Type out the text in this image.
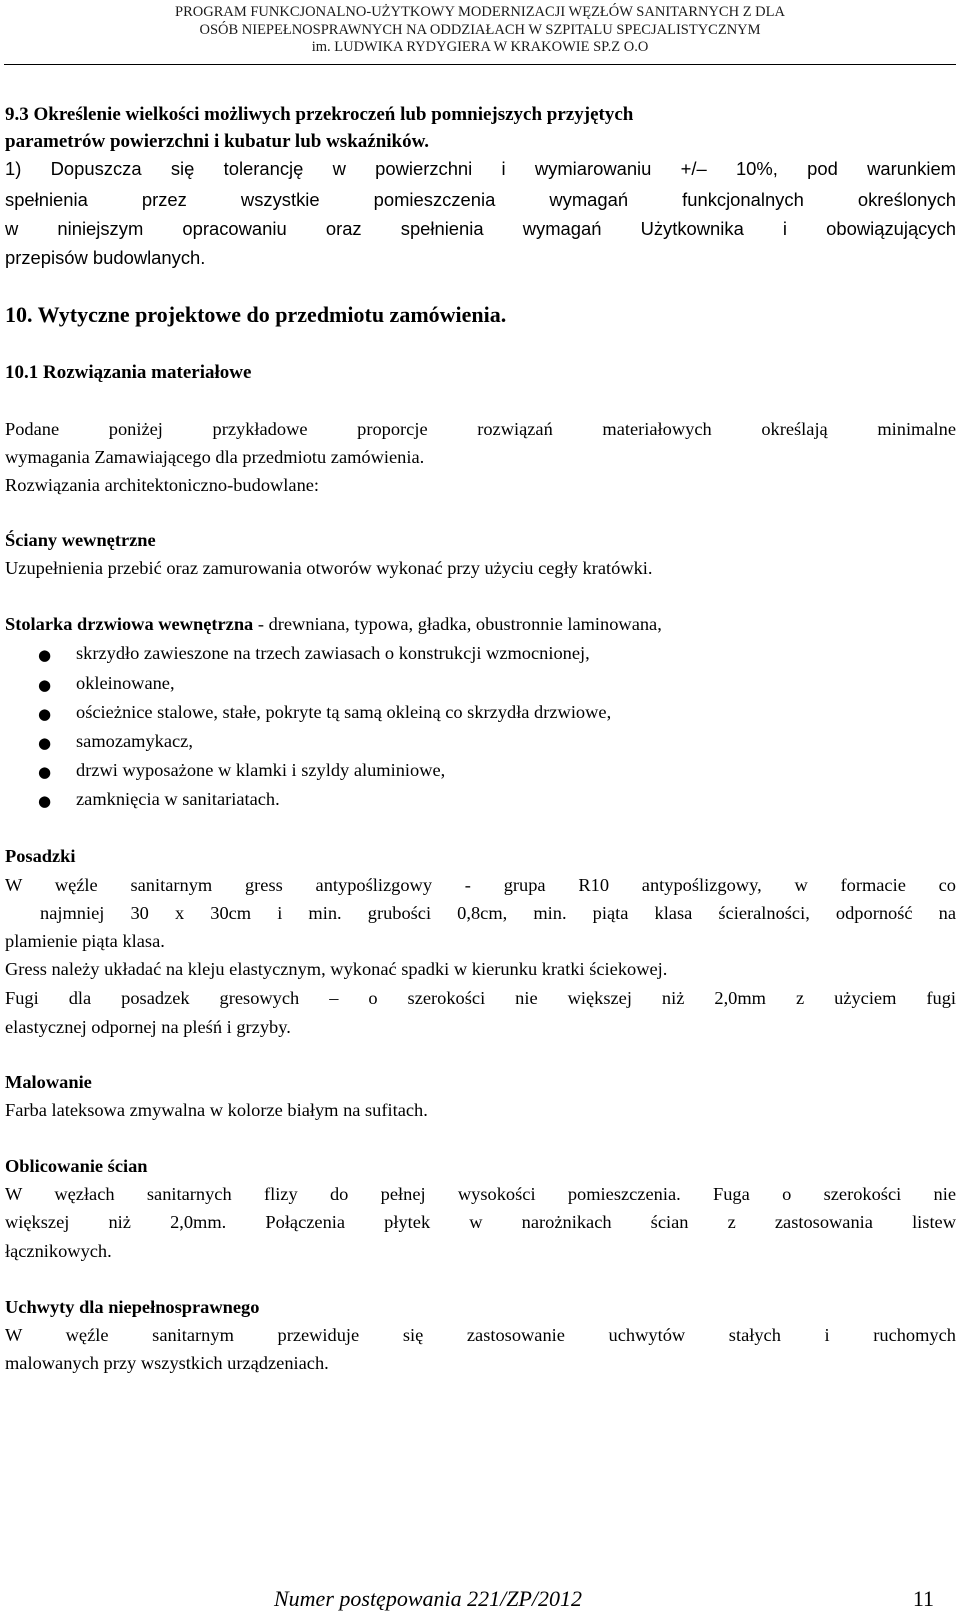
PROGRAM FUNKCJONALNO-UŻYTKOWY MODERNIZACJI WĘZŁÓW SANITARNYCH Z DLA
OSÓB NIEPEŁNOSPRAWNYCH NA ODDZIAŁACH W SZPITALU SPECJALISTYCZNYM
im. LUDWIKA RYDYGIERA W KRAKOWIE SP.Z O.O
9.3 Określenie wielkości możliwych przekroczeń lub pomniejszych przyjętych
parametrów powierzchni i kubatur lub wskaźników.
1) Dopuszcza się tolerancję w powierzchni i wymiarowaniu +/– 10%, pod warunkiem
spełnienia przez wszystkie pomieszczenia wymagań funkcjonalnych określonych
w niniejszym opracowaniu oraz spełnienia wymagań Użytkownika i obowiązujących
przepisów budowlanych.
10. Wytyczne projektowe do przedmiotu zamówienia.
10.1 Rozwiązania materiałowe
Podane poniżej przykładowe proporcje rozwiązań materiałowych określają minimalne
wymagania Zamawiającego dla przedmiotu zamówienia.
Rozwiązania architektoniczno-budowlane:
Ściany wewnętrzne
Uzupełnienia przebić oraz zamurowania otworów wykonać przy użyciu cegły kratówki.
Stolarka drzwiowa wewnętrzna - drewniana, typowa, gładka, obustronnie laminowana,
● skrzydło zawieszone na trzech zawiasach o konstrukcji wzmocnionej,
● okleinowane,
● ościeżnice stalowe, stałe, pokryte tą samą okleiną co skrzydła drzwiowe,
● samozamykacz,
● drzwi wyposażone w klamki i szyldy aluminiowe,
● zamknięcia w sanitariatach.
Posadzki
W węźle sanitarnym gress antypoślizgowy - grupa R10 antypoślizgowy, w formacie co
najmniej 30 x 30cm i min. grubości 0,8cm, min. piąta klasa ścieralności, odporność na
plamienie piąta klasa.
Gress należy układać na kleju elastycznym, wykonać spadki w kierunku kratki ściekowej.
Fugi dla posadzek gresowych – o szerokości nie większej niż 2,0mm z użyciem fugi
elastycznej odpornej na pleśń i grzyby.
Malowanie
Farba lateksowa zmywalna w kolorze białym na sufitach.
Oblicowanie ścian
W węzłach sanitarnych flizy do pełnej wysokości pomieszczenia. Fuga o szerokości nie
większej niż 2,0mm. Połączenia płytek w narożnikach ścian z zastosowania listew
łącznikowych.
Uchwyty dla niepełnosprawnego
W węźle sanitarnym przewiduje się zastosowanie uchwytów stałych i ruchomych
malowanych przy wszystkich urządzeniach.
Numer postępowania 221/ZP/2012	11
